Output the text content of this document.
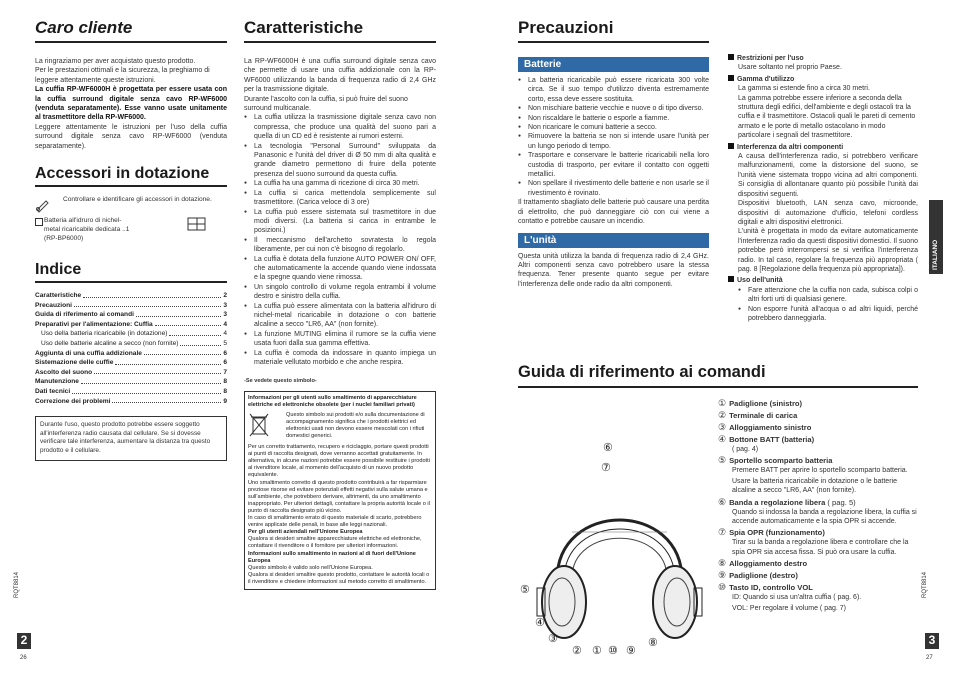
Caro cliente
La ringraziamo per aver acquistato questo prodotto.
Per le prestazioni ottimali e la sicurezza, la preghiamo di leggere attentamente queste istruzioni.
La cuffia RP-WF6000H è progettata per essere usata con la cuffia surround digitale senza cavo RP-WF6000 (venduta separatamente). Esse vanno usate unitamente al trasmettitore della RP-WF6000.
Leggere attentamente le istruzioni per l'uso della cuffia surround digitale senza cavo RP-WF6000 (venduta separatamente).
Accessori in dotazione
Controllare e identificare gli accessori in dotazione.
Batteria all'idruro di nichel-
metal ricaricabile dedicata ..1
(RP-BP6000)
Indice
Caratteristiche	2
Precauzioni	3
Guida di riferimento ai comandi	3
Preparativi per l'alimentazione: Cuffia	4
Uso della batteria ricaricabile (in dotazione)	4
Uso delle batterie alcaline a secco (non fornite)	5
Aggiunta di una cuffia addizionale	6
Sistemazione delle cuffie	6
Ascolto del suono	7
Manutenzione	8
Dati tecnici	8
Correzione dei problemi	9
Durante l'uso, questo prodotto potrebbe essere soggetto all'interferenza radio causata dal cellulare. Se si dovesse verificare tale interferenza, aumentare la distanza tra questo prodotto e il cellulare.
2
RQT8814
26
Caratteristiche
La RP-WF6000H è una cuffia surround digitale senza cavo che permette di usare una cuffia addizionale con la RP-WF6000 utilizzando la banda di frequenza radio di 2,4 GHz per la trasmissione digitale.
Durante l'ascolto con la cuffia, si può fruire del suono surround multicanale.
● La cuffia utilizza la trasmissione digitale senza cavo non compressa, che produce una qualità del suono pari a quella di un CD ed è resistente ai rumori esterni.
● La tecnologia "Personal Surround" sviluppata da Panasonic e l'unità del driver di Ø 50 mm di alta qualità e grande diametro permettono di fruire della potente presenza del suono surround da questa cuffia.
● La cuffia ha una gamma di ricezione di circa 30 metri.
● La cuffia si carica mettendola semplicemente sul trasmettitore. (Carica veloce di 3 ore)
● La cuffia può essere sistemata sul trasmettitore in due modi diversi. (La batteria si carica in entrambe le posizioni.)
● Il meccanismo dell'archetto sovratesta lo regola liberamente, per cui non c'è bisogno di regolarlo.
● La cuffia è dotata della funzione AUTO POWER ON/ OFF, che automaticamente la accende quando viene indossata e la spegne quando viene rimossa.
● Un singolo controllo di volume regola entrambi il volume destro e sinistro della cuffia.
● La cuffia può essere alimentata con la batteria all'idruro di nichel-metal ricaricabile in dotazione o con batterie alcaline a secco "LR6, AA" (non fornite).
● La funzione MUTING elimina il rumore se la cuffia viene usata fuori dalla sua gamma effettiva.
● La cuffia è comoda da indossare in quanto impiega un materiale vellutato morbido e che anche respira.
-Se vedete questo simbolo-
Informazioni per gli utenti sullo smaltimento di apparecchiature elettriche ed elettroniche obsolete (per i nuclei familiari privati)
Questo simbolo sui prodotti e/o sulla documentazione di accompagnamento significa che i prodotti elettrici ed elettronici usati non devono essere mescolati con i rifiuti domestici generici.
Per un corretto trattamento, recupero e riciclaggio, portare questi prodotti ai punti di raccolta designati, dove verranno accettati gratuitamente. In alternativa, in alcune nazioni potrebbe essere possibile restituire i prodotti al rivenditore locale, al momento dell'acquisto di un nuovo prodotto equivalente.
Uno smaltimento corretto di questo prodotto contribuirà a far risparmiare preziose risorse ed evitare potenziali effetti negativi sulla salute umana e sull'ambiente, che potrebbero derivare, altrimenti, da uno smaltimento inappropriato. Per ulteriori dettagli, contattare la propria autorità locale o il punto di raccolta designato più vicino.
In caso di smaltimento errato di questo materiale di scarto, potrebbero venire applicate delle penali, in base alle leggi nazionali.
Per gli utenti aziendali nell'Unione Europea
Qualora si desideri smaltire apparecchiature elettriche ed elettroniche, contattare il rivenditore o il fornitore per ulteriori informazioni.
Informazioni sullo smaltimento in nazioni al di fuori dell'Unione Europea
Questo simbolo è valido solo nell'Unione Europea.
Qualora si desideri smaltire questo prodotto, contattare le autorità locali o il rivenditore e chiedere informazioni sul metodo corretto di smaltimento.
Precauzioni
Batterie
● La batteria ricaricabile può essere ricaricata 300 volte circa. Se il suo tempo d'utilizzo diventa estremamente corto, essa deve essere sostituita.
● Non mischiare batterie vecchie e nuove o di tipo diverso.
● Non riscaldare le batterie o esporle a fiamme.
● Non ricaricare le comuni batterie a secco.
● Rimuovere la batteria se non si intende usare l'unità per un lungo periodo di tempo.
● Trasportare e conservare le batterie ricaricabili nella loro custodia di trasporto, per evitare il contatto con oggetti metallici.
● Non spellare il rivestimento delle batterie e non usarle se il rivestimento è rovinato.
Il trattamento sbagliato delle batterie può causare una perdita di elettrolito, che può danneggiare ciò con cui viene a contatto e potrebbe causare un incendio.
L'unità
Questa unità utilizza la banda di frequenza radio di 2,4 GHz. Altri componenti senza cavo potrebbero usare la stessa frequenza. Tener presente quanto segue per evitare l'interferenza delle onde radio da altri componenti.
Restrizioni per l'uso
Usare soltanto nel proprio Paese.
Gamma d'utilizzo
La gamma si estende fino a circa 30 metri.
La gamma potrebbe essere inferiore a seconda della struttura degli edifici, dell'ambiente e degli ostacoli tra la cuffia e il trasmettitore. Ostacoli quali le pareti di cemento armato e le porte di metallo ostacolano in modo particolare i segnali del trasmettitore.
Interferenza da altri componenti
A causa dell'interferenza radio, si potrebbero verificare malfunzionamenti, come la distorsione del suono, se l'unità viene sistemata troppo vicina ad altri componenti. Si consiglia di allontanare quanto più possibile l'unità dai dispositivi seguenti.
Dispositivi bluetooth, LAN senza cavo, microonde, dispositivi di automazione d'ufficio, telefoni cordless digitali e altri dispositivi elettronici.
L'unità è progettata in modo da evitare automaticamente l'interferenza radio da questi dispositivi domestici. Il suono potrebbe però interrompersi se si verifica l'interferenza radio. In tal caso, regolare la frequenza più appropriata ( pag. 8 [Regolazione della frequenza più appropriata]).
Uso dell'unità
● Fare attenzione che la cuffia non cada, subisca colpi o altri forti urti di qualsiasi genere.
● Non esporre l'unità all'acqua o ad altri liquidi, perché potrebbero danneggiarla.
ITALIANO
Guida di riferimento ai comandi
⑥
⑦
⑤
④
③
② ① ⑩ ⑨
⑧
① Padiglione (sinistro)
② Terminale di carica
③ Alloggiamento sinistro
④ Bottone BATT (batteria)
( pag. 4)
⑤ Sportello scomparto batteria
Premere BATT per aprire lo sportello scomparto batteria.
Usare la batteria ricaricabile in dotazione o le batterie alcaline a secco "LR6, AA" (non fornite).
⑥ Banda a regolazione libera ( pag. 5)
Quando si indossa la banda a regolazione libera, la cuffia si accende automaticamente e la spia OPR si accende.
⑦ Spia OPR (funzionamento)
Tirar su la banda a regolazione libera e controllare che la spia OPR sia accesa fissa. Si può ora usare la cuffia.
⑧ Alloggiamento destro
⑨ Padiglione (destro)
⑩ Tasto ID, controllo VOL
ID: Quando si usa un'altra cuffia ( pag. 6).
VOL: Per regolare il volume ( pag. 7)
3
RQT8814
27
